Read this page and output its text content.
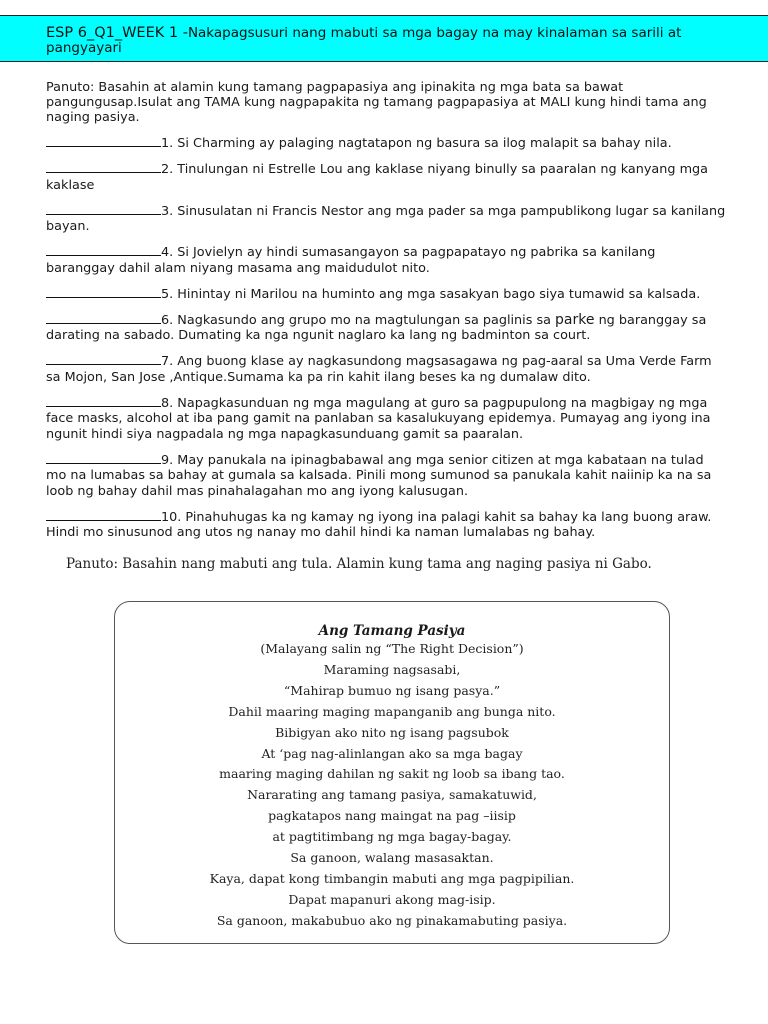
ESP 6_Q1_WEEK 1 -Nakapagsusuri nang mabuti sa mga bagay na may kinalaman sa sarili at pangyayari

Panuto: Basahin at alamin kung tamang pagpapasiya ang ipinakita ng mga bata sa bawat pangungusap.Isulat ang TAMA kung nagpapakita ng tamang pagpapasiya at MALI kung hindi tama ang naging pasiya.

1. Si Charming ay palaging nagtatapon ng basura sa ilog malapit sa bahay nila.

2. Tinulungan ni Estrelle Lou ang kaklase niyang binully sa paaralan ng kanyang mga kaklase

3. Sinusulatan ni Francis Nestor ang mga pader sa mga pampublikong lugar sa kanilang bayan.

4. Si Jovielyn ay hindi sumasangayon sa pagpapatayo ng pabrika sa kanilang baranggay dahil alam niyang masama ang maidudulot nito.

5. Hinintay ni Marilou na huminto ang mga sasakyan bago siya tumawid sa kalsada.

6. Nagkasundo ang grupo mo na magtulungan sa paglinis sa parke ng baranggay sa darating na sabado. Dumating ka nga ngunit naglaro ka lang ng badminton sa court.

7. Ang buong klase ay nagkasundong magsasagawa ng pag-aaral sa Uma Verde Farm sa Mojon, San Jose ,Antique.Sumama ka pa rin kahit ilang beses ka ng dumalaw dito.

8. Napagkasunduan ng mga magulang at guro sa pagpupulong na magbigay ng mga face masks, alcohol at iba pang gamit na panlaban sa kasalukuyang epidemya. Pumayag ang iyong ina ngunit hindi siya nagpadala ng mga napagkasunduang gamit sa paaralan.

9. May panukala na ipinagbabawal ang mga senior citizen at mga kabataan na tulad mo na lumabas sa bahay at gumala sa kalsada. Pinili mong sumunod sa panukala kahit naiinip ka na sa loob ng bahay dahil mas pinahalagahan mo ang iyong kalusugan.

10. Pinahuhugas ka ng kamay ng iyong ina palagi kahit sa bahay ka lang buong araw. Hindi mo sinusunod ang utos ng nanay mo dahil hindi ka naman lumalabas ng bahay.

Panuto: Basahin nang mabuti ang tula. Alamin kung tama ang naging pasiya ni Gabo.

Ang Tamang Pasiya
(Malayang salin ng “The Right Decision”)
Maraming nagsasabi,
“Mahirap bumuo ng isang pasya.”
Dahil maaring maging mapanganib ang bunga nito.
Bibigyan ako nito ng isang pagsubok
At ‘pag nag-alinlangan ako sa mga bagay
maaring maging dahilan ng sakit ng loob sa ibang tao.
Nararating ang tamang pasiya, samakatuwid,
pagkatapos nang maingat na pag –iisip
at pagtitimbang ng mga bagay-bagay.
Sa ganoon, walang masasaktan.
Kaya, dapat kong timbangin mabuti ang mga pagpipilian.
Dapat mapanuri akong mag-isip.
Sa ganoon, makabubuo ako ng pinakamabuting pasiya.
